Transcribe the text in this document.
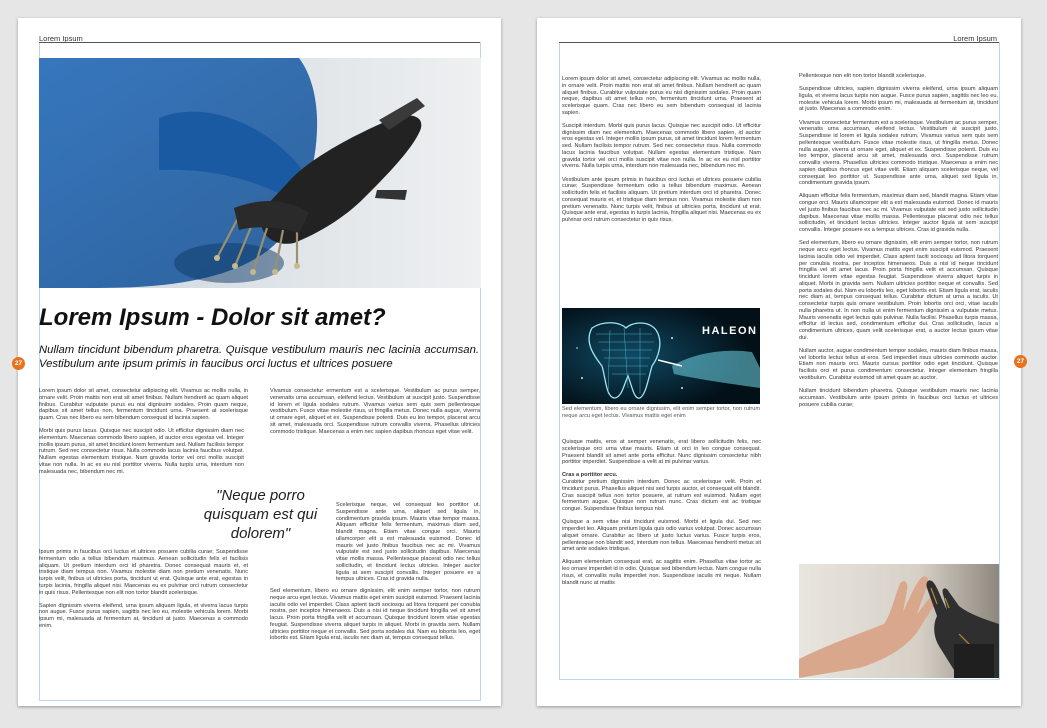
Lorem Ipsum
Lorem Ipsum - Dolor sit amet?
Nullam tincidunt bibendum pharetra. Quisque vestibulum mauris nec lacinia accumsan. Vestibulum ante ipsum primis in faucibus orci luctus et ultrices posuere
27

Lorem ipsum dolor sit amet, consectetur adipiscing elit. Vivamus ac mollis nulla, in ornare velit. Proin mattis non erat sit amet finibus. Nullam hendrerit ac quam aliquet finibus. Curabitur vulputate purus eu nisi dignissim sodales. Proin quam neque, dapibus sit amet tellus non, fermentum tincidunt urna. Praesent at scelerisque quam. Cras nec libero eu sem bibendum consequat id lacinia sapien.

Morbi quis purus lacus. Quisque nec suscipit odio. Ut efficitur dignissim diam nec elementum. Maecenas commodo libero sapien, id auctor eros egestas vel. Integer mollis ipsum purus, sit amet tincidunt lorem fermentum sed. Nullam facilisis tempor rutrum. Sed nec consectetur risus. Nulla commodo lacus lacinia faucibus volutpat. Nullam egestas elementum tristique. Nam gravida tortor vel orci mollis suscipit vitae non nulla. In ac ex eu nisl porttitor viverra. Nulla turpis urna, interdum non malesuada nec, bibendum nec mi.

Ipsum primis in faucibus orci luctus et ultrices posuere cubilia curae; Suspendisse fermentum odio a tellus bibendum maximus. Aenean sollicitudin felis et facilisis aliquam. Ut pretium interdum orci id pharetra. Donec consequat mauris et, et tristique diam tempus non. Vivamus molestie diam non pretium venenatis. Nunc turpis velit, finibus ut ultricies porta, tincidunt ut erat. Quisque ante erat, egestas in turpis lacinia, fringilla aliquet nisi. Maecenas eu ex pulvinar orci rutrum consectetur in quis risus. Pellentesque non elit non tortor blandit scelerisque.

Sapien dignissim viverra eleifend, urna ipsum aliquam ligula, et viverra lacus turpis non augue. Fusce purus sapien, sagittis nec leo eu, molestie vehicula lorem. Morbi ipsum mi, malesuada at fermentum at, tincidunt at justo. Maecenas a commodo enim.

"Neque porro quisquam est qui dolorem"

Vivamus consectetur ermentum est a scelerisque. Vestibulum ac purus semper, venenatis urna accumsan, eleifend lectus. Vestibulum at suscipit justo. Suspendisse id lorem et ligula sodales rutrum. Vivamus varius sem quis sem pellentesque vestibulum. Fusce vitae molestie risus, ut fringilla metus. Donec nulla augue, viverra ut ornare eget, aliquet et ex. Suspendisse potenti. Duis eu leo tempor, placerat arcu sit amet, malesuada orci. Suspendisse rutrum convallis viverra. Phasellus ultricies commodo tristique. Maecenas a enim nec sapien dapibus rhoncus eget vitae velit.

Scelerisque neque, vel consequat leo porttitor ut. Suspendisse ante urna, aliquet sed ligula in, condimentum gravida ipsum. Mauris vitae tempor massa. Aliquam efficitur felis fermentum, maximus diam sed, blandit magna. Etiam vitae congue orci. Mauris ullamcorper elit a est malesuada euismod. Donec id mauris vel justo finibus faucibus nec ac mi. Vivamus vulputate est sed justo sollicitudin dapibus. Maecenas vitae mollis massa. Pellentesque placerat odio nec tellus sollicitudin, et tincidunt lectus ultricies. Integer auctor ligula at sem suscipit convallis. Integer posuere ex a tempus ultrices. Cras id gravida nulla.

Sed elementum, libero eu ornare dignissim, elit enim semper tortor, non rutrum neque arcu eget lectus. Vivamus mattis eget enim suscipit euismod. Praesent lacinia iaculis odio vel imperdiet. Class aptent taciti sociosqu ad litora torquent per conubia nostra, per inceptos himenaeos. Duis a nisi id neque tincidunt fringilla vel sit amet lacus. Proin porta fringilla velit et accumsan. Quisque tincidunt lorem vitae egestas feugiat. Suspendisse viverra aliquet turpis in aliquet. Morbi in gravida sem. Nullam ultricies porttitor neque et convallis. Sed porta sodales dui. Nam eu lobortis leo, eget lobortis est. Etiam ligula erat, iaculis nec diam at, tempus consequat tellus.

Lorem Ipsum
27

Lorem ipsum dolor sit amet, consectetur adipiscing elit. Vivamus ac mollis nulla, in ornare velit. Proin mattis non erat sit amet finibus. Nullam hendrerit ac quam aliquet finibus. Curabitur vulputate purus eu nisi dignissim sodales. Proin quam neque, dapibus sit amet tellus non, fermentum tincidunt urna. Praesent at scelerisque quam. Cras nec libero eu sem bibendum consequat id lacinia sapien.

Suscipit interdum. Morbi quis purus lacus. Quisque nec suscipit odio. Ut efficitur dignissim diam nec elementum. Maecenas commodo libero sapien, id auctor eros egestas vel. Integer mollis ipsum purus, sit amet tincidunt lorem fermentum sed. Nullam facilisis tempor rutrum. Sed nec consectetur risus. Nulla commodo lacus lacinia faucibus volutpat. Nullam egestas elementum tristique. Nam gravida tortor vel orci mollis suscipit vitae non nulla. In ac ex eu nisl porttitor viverra. Nulla turpis urna, interdum non malesuada nec, bibendum nec mi.

Vestibulum ante ipsum primis in faucibus orci luctus et ultrices posuere cubilia curae; Suspendisse fermentum odio a tellus bibendum maximus. Aenean sollicitudin felis et facilisis aliquam. Ut pretium interdum orci id pharetra. Donec consequat mauris et, et tristique diam tempus non. Vivamus molestie diam non pretium venenatis. Nunc turpis velit, finibus ut ultricies porta, tincidunt ut erat. Quisque ante erat, egestas in turpis lacinia, fringilla aliquet nisi. Maecenas eu ex pulvinar orci rutrum consectetur in quis risus.

HALEON
Sed elementum, libero eu ornare dignissim, elit enim semper tortor, non rutrum neque arcu eget lectus. Vivamus mattis eget enim

Quisque mattis, eros at semper venenatis, erat libero sollicitudin felis, nec scelerisque orci urna vitae mauris. Etiam ut orci in leo congue consequat. Praesent blandit sit amet ante porta efficitur. Nunc dignissim consectetur nibh porttitor imperdiet. Suspendisse a velit at mi pulvinar varius.

Cras a porttitor arcu.

Curabitur pretium dignissim interdum. Donec ac scelerisque velit. Proin et tincidunt purus. Phasellus aliquet nisi sed turpis auctor, et consequat elit blandit. Cras suscipit tellus non tortor posuere, at rutrum est euismod. Nullam eget fermentum augue. Quisque non rutrum nunc. Cras dictum est ac tristique congue. Suspendisse finibus tempus nisl.

Quisque a sem vitae nisi tincidunt euismod. Morbi et ligula dui. Sed nec imperdiet leo. Aliquam pretium ligula quis odio varius volutpat. Donec accumsan aliquet ornare. Curabitur ac libero ut justo luctus varius. Fusce turpis eros, pellentesque non blandit sed, interdum non tellus. Maecenas hendrerit metus sit amet ante sodales tristique.

Aliquam elementum consequat erat, ac sagittis enim. Phasellus vitae tortor ac leo ornare imperdiet id in odio. Quisque sed bibendum lectus. Nam congue nulla risus, et convallis nulla imperdiet non. Suspendisse iaculis mi neque. Nullam blandit nunc at mattis

Pellentesque non elit non tortor blandit scelerisque.

Suspendisse ultricies, sapien dignissim viverra eleifend, urna ipsum aliquam ligula, et viverra lacus turpis non augue. Fusce purus sapien, sagittis nec leo eu, molestie vehicula lorem. Morbi ipsum mi, malesuada at fermentum at, tincidunt at justo. Maecenas a commodo enim.

Vivamus consectetur fermentum est a scelerisque. Vestibulum ac purus semper, venenatis urna accumsan, eleifend lectus. Vestibulum at suscipit justo. Suspendisse id lorem et ligula sodales rutrum. Vivamus varius sem quis sem pellentesque vestibulum. Fusce vitae molestie risus, ut fringilla metus. Donec nulla augue, viverra ut ornare eget, aliquet et ex. Suspendisse potenti. Duis eu leo tempor, placerat arcu sit amet, malesuada orci. Suspendisse rutrum convallis viverra. Phasellus ultricies commodo tristique. Maecenas a enim nec sapien dapibus rhoncus eget vitae velit. Etiam aliquam scelerisque neque, vel consequat leo porttitor ut. Suspendisse ante urna, aliquet sed ligula in, condimentum gravida ipsum.

Aliquam efficitur felis fermentum, maximus diam sed, blandit magna. Etiam vitae congue orci. Mauris ullamcorper elit a est malesuada euismod. Donec id mauris vel justo finibus faucibus nec ac mi. Vivamus vulputate est sed justo sollicitudin dapibus. Maecenas vitae mollis massa. Pellentesque placerat odio nec tellus sollicitudin, et tincidunt lectus ultricies. Integer auctor ligula at sem suscipit convallis. Integer posuere ex a tempus ultrices. Cras id gravida nulla.

Sed elementum, libero eu ornare dignissim, elit enim semper tortor, non rutrum neque arcu eget lectus. Vivamus mattis eget enim suscipit euismod. Praesent lacinia iaculis odio vel imperdiet. Class aptent taciti sociosqu ad litora torquent per conubia nostra, per inceptos himenaeos. Duis a nisi id neque tincidunt fringilla vel sit amet lacus. Proin porta fringilla velit et accumsan. Quisque tincidunt lorem vitae egestas feugiat. Suspendisse viverra aliquet turpis in aliquet. Morbi in gravida sem. Nullam ultricies porttitor neque et convallis. Sed porta sodales dui. Nam eu lobortis leo, eget lobortis est. Etiam ligula erat, iaculis nec diam at, tempus consequat tellus. Curabitur dictum at urna a iaculis. Ut consectetur turpis quis ornare vestibulum. Proin lobortis orci orci, vitae iaculis nulla pharetra ut. In non nulla ut enim fermentum dignissim a vulputate metus. Mauris venenatis eget lectus quis pulvinar. Nulla facilisi. Phasellus turpis massa, efficitur id lectus sed, condimentum efficitur dui. Cras sollicitudin, lacus a condimentum ultrices, quam velit scelerisque erat, a auctor lectus ipsum vitae dui.

Nullam auctor, augue condimentum tempor sodales, mauris diam finibus massa, vel lobortis lectus tellus at eros. Sed imperdiet risus ultricies commodo auctor. Etiam non mauris orci. Mauris cursus porttitor odio eget tincidunt. Quisque facilisis orci et purus condimentum consectetur. Integer elementum fringilla vestibulum. Curabitur euismod sit amet quam ac auctor.

Nullam tincidunt bibendum pharetra. Quisque vestibulum mauris nec lacinia accumsan. Vestibulum ante ipsum primis in faucibus orci luctus et ultrices posuere cubilia curae;
